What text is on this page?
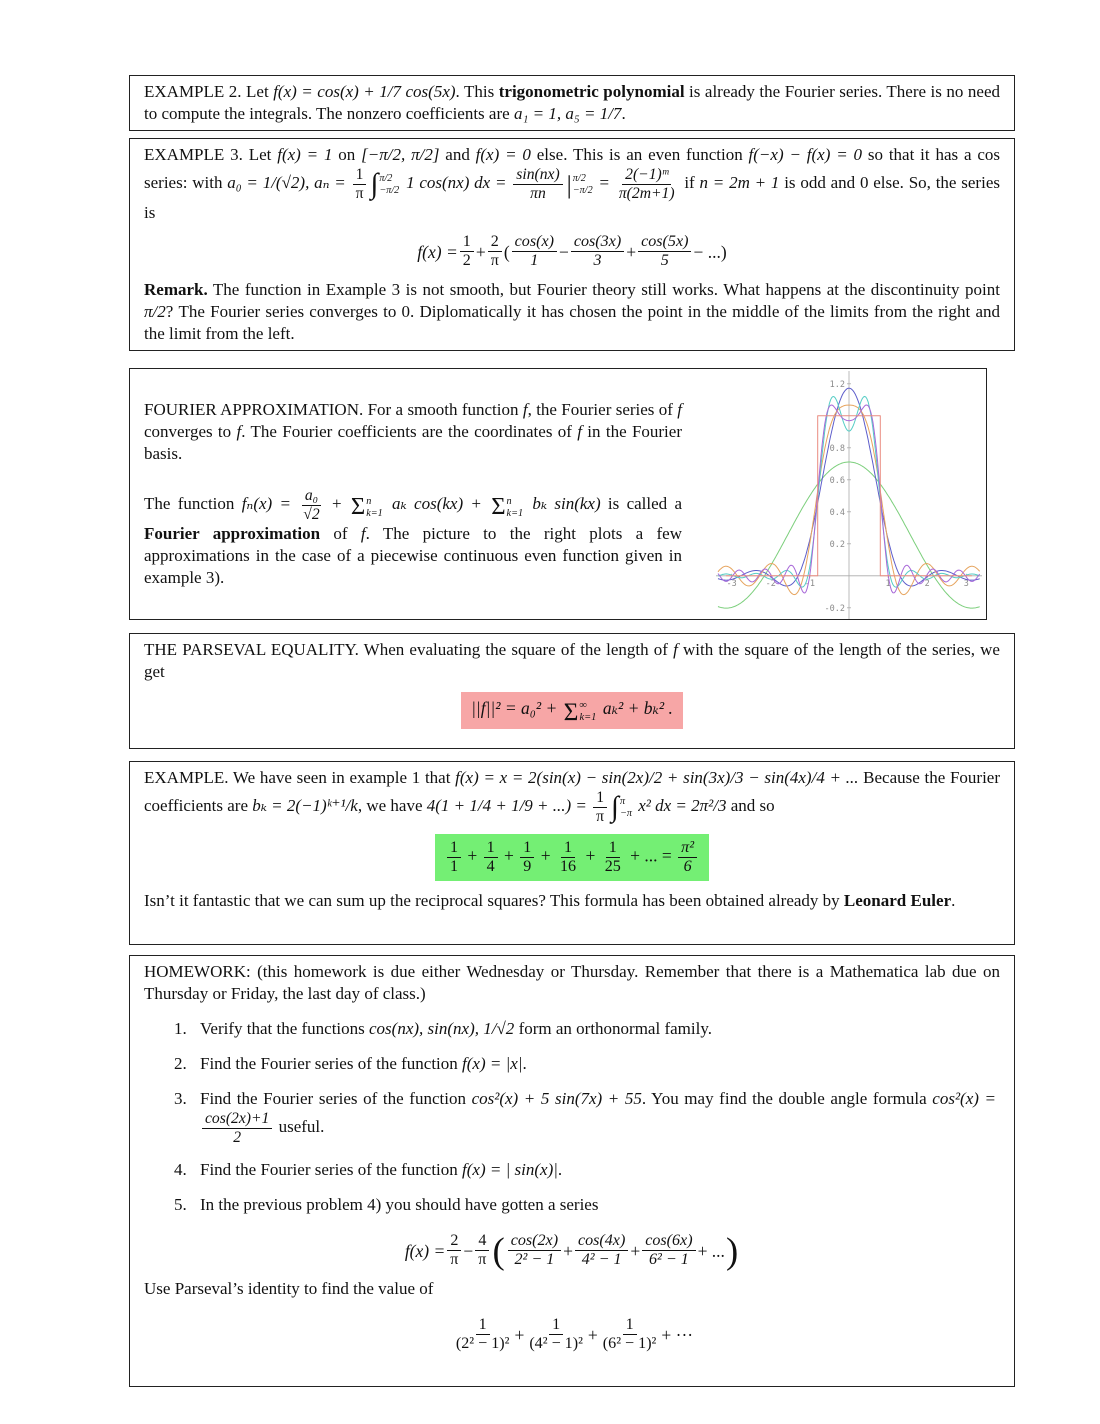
EXAMPLE 2. Let f(x) = cos(x) + 1/7 cos(5x). This trigonometric polynomial is already the Fourier series. There is no need to compute the integrals. The nonzero coefficients are a₁ = 1, a₅ = 1/7.

EXAMPLE 3. Let f(x) = 1 on [−π/2, π/2] and f(x) = 0 else. This is an even function f(−x) − f(x) = 0 so that it has a cos series: with a₀ = 1/(√2), $a_n = \frac{1}{\pi}$ ∫ π/2
−π/2 1 cos(nx) dx = $\frac{\sin(nx)}{\pi n}$ | π/2
$-\pi/2 = \frac{\text{2(−1)ᵐ}}{\pi(2m+1)}$ if n = 2m + 1 is odd and 0 else. So, the series is

$f(x) = \frac{1}{2} + \frac{2}{\pi}$ ( $\frac{\cos(x)}{1} - \frac{\cos(3x)}{3} + \frac{\cos(5x)}{5}$ − ...)

Remark. The function in Example 3 is not smooth, but Fourier theory still works. What happens at the discontinuity point π/2? The Fourier series converges to 0. Diplomatically it has chosen the point in the middle of the limits from the right and the limit from the left.

FOURIER APPROXIMATION. For a smooth function f, the Fourier series of f converges to f. The Fourier coefficients are the coordinates of f in the Fourier basis.

The function $f_n(x) = \frac{\text{a₀}}{√2} + \Sigma$ n
k=1
aₖ cos(kx) + Σ n
k=1
bₖ sin(kx) is called a Fourier approximation of f. The picture to the right plots a few approximations in the case of a piecewise continuous even function given in example 3).	-3	-2	-1	1	2	3
-0.2
0.2
0.4
0.6
0.8
1.2

THE PARSEVAL EQUALITY. When evaluating the square of the length of f with the square of the length of the series, we get

||f||² = a₀² + Σ ∞
k=1 aₖ² + bₖ² .

EXAMPLE. We have seen in example 1 that f(x) = x = 2(sin(x) − sin(2x)/2 + sin(3x)/3 − sin(4x)/4 + ... Because the Fourier coefficients are bₖ = 2(−1)ᵏ⁺¹/k, we have 4(1 + 1/4 + 1/9 + ...) = $\frac{1}{\pi}$ ∫ π
−π x² dx = 2π²/3 and so

$\frac{1}{1} + \frac{1}{4} + \frac{1}{9} + \frac{1}{16} + \frac{1}{25}$ + ... = $\frac{\text{π²}}{6}$

Isn’t it fantastic that we can sum up the reciprocal squares? This formula has been obtained already by Leonard Euler.

HOMEWORK: (this homework is due either Wednesday or Thursday. Remember that there is a Mathematica lab due on Thursday or Friday, the last day of class.)

1. Verify that the functions cos(nx), sin(nx), 1/√2 form an orthonormal family.
2. Find the Fourier series of the function f(x) = |x|.
3. Find the Fourier series of the function cos²(x) + 5 sin(7x) + 55. You may find the double angle formula cos²(x) =
$\frac{\cos(2x)+1}{2}$ useful.
4. Find the Fourier series of the function f(x) = | sin(x)|.
5. In the previous problem 4) you should have gotten a series
$f(x) = \frac{2}{\pi} - \frac{4}{\pi}$ ( $\frac{\cos(2x)}{\text{2² − 1}} + \frac{\cos(4x)}{\text{4² − 1}} + \frac{\cos(6x)}{\text{6² − 1}}$ + ... )

Use Parseval’s identity to find the value of

$\frac{1}{\text{(2² − 1)²}} + \frac{1}{\text{(4² − 1)²}} + \frac{1}{\text{(6² − 1)²}}$ + ···
